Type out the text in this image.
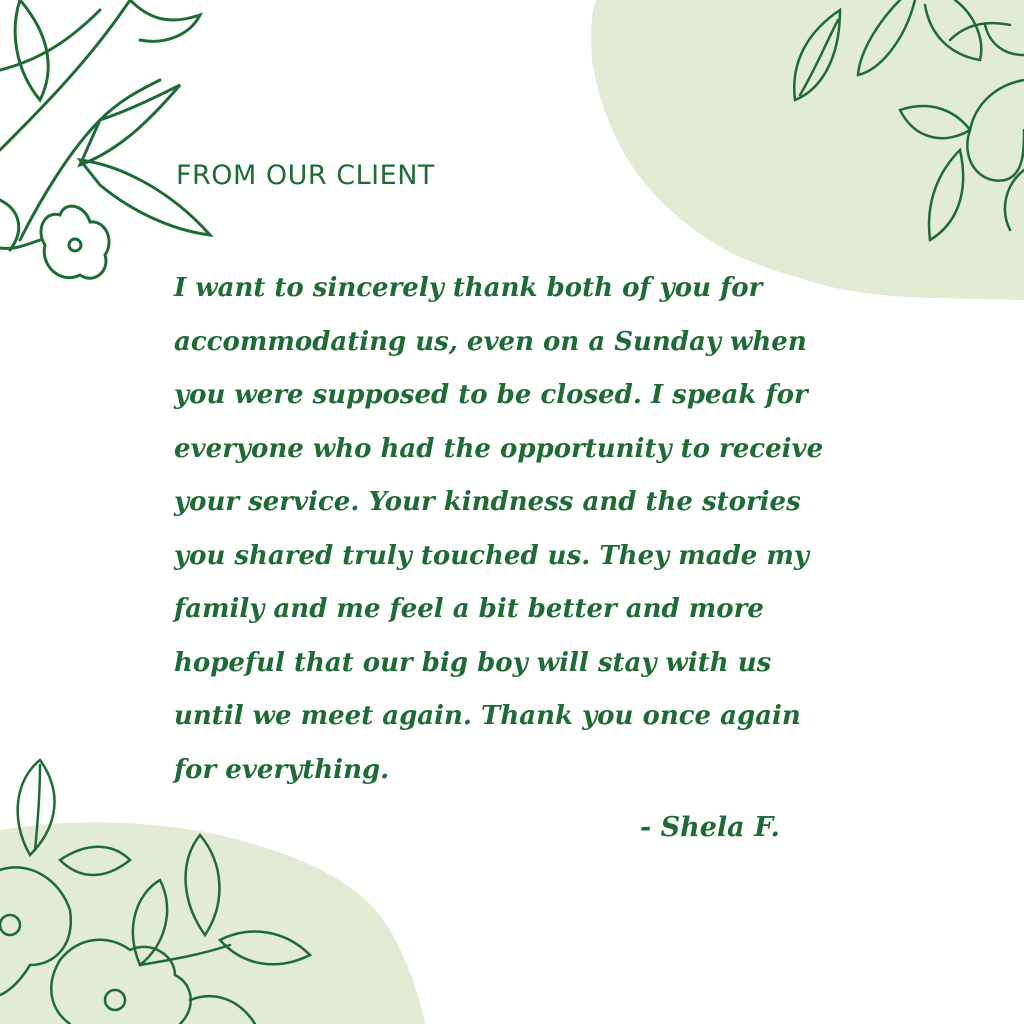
FROM OUR CLIENT
I want to sincerely thank both of you for
accommodating us, even on a Sunday when
you were supposed to be closed. I speak for
everyone who had the opportunity to receive
your service. Your kindness and the stories
you shared truly touched us. They made my
family and me feel a bit better and more
hopeful that our big boy will stay with us
until we meet again. Thank you once again
for everything.
- Shela F.
